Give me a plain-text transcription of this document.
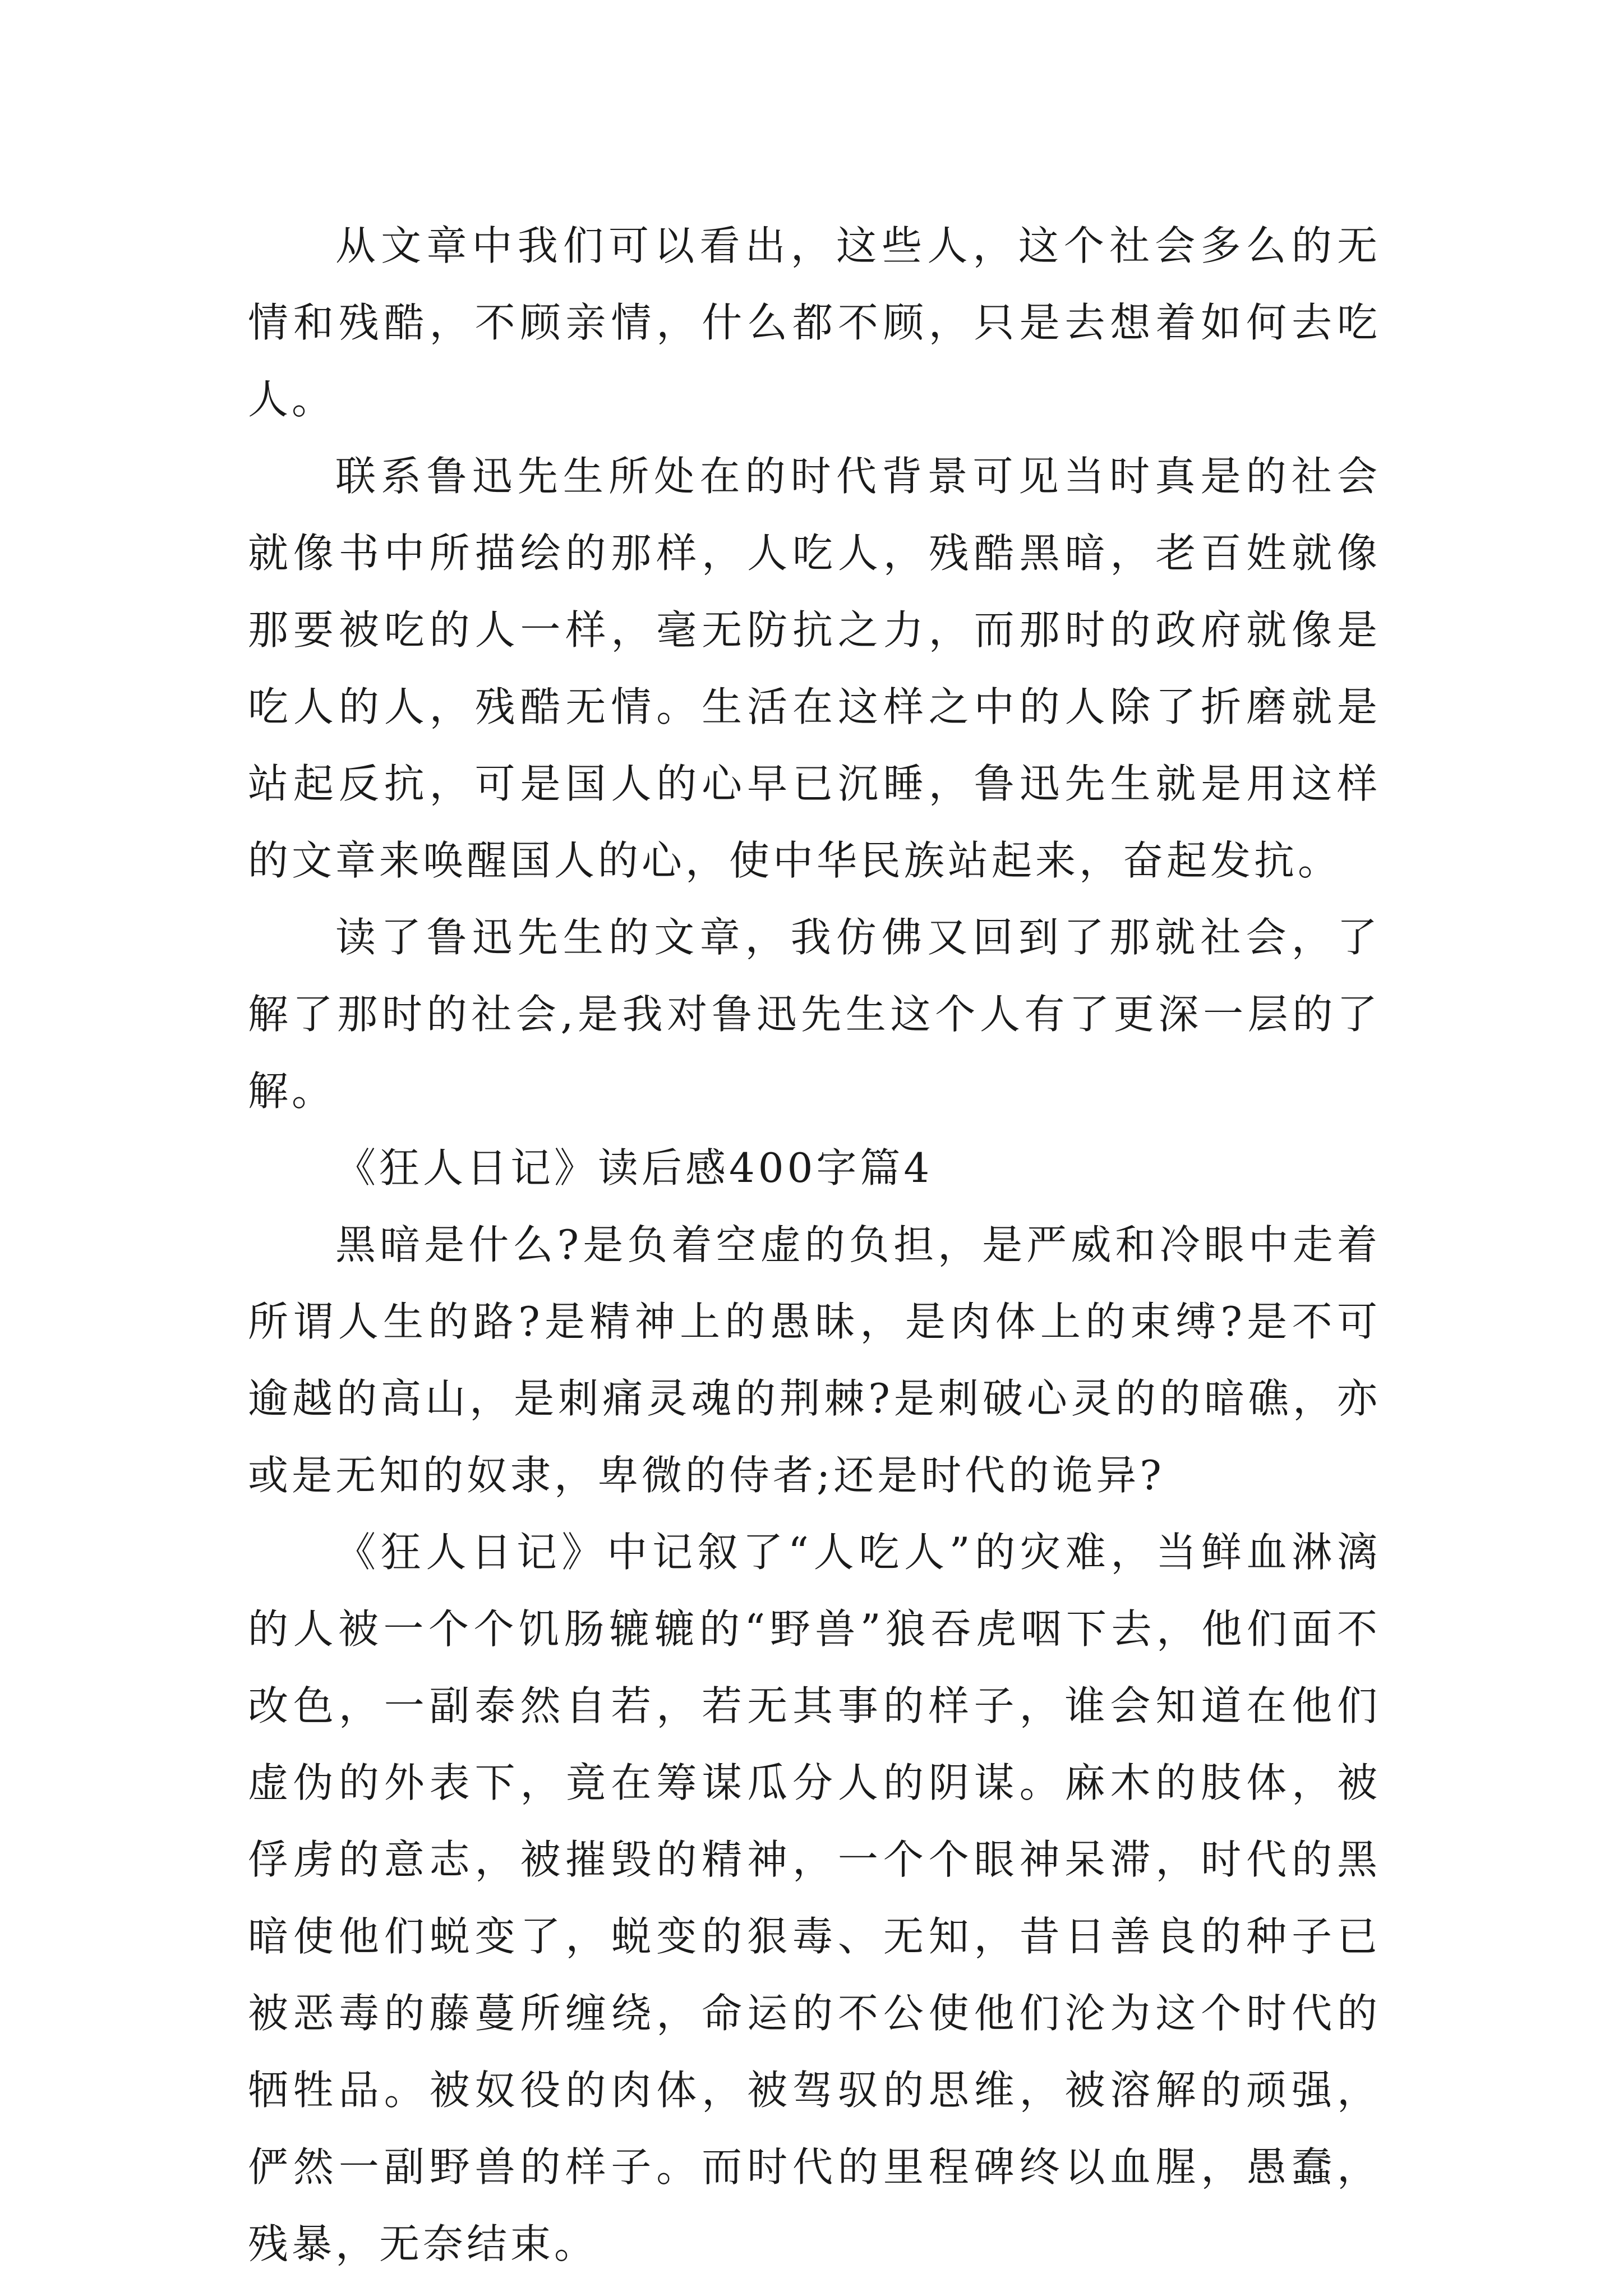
从文章中我们可以看出，这些人，这个社会多么的无情和残酷，不顾亲情，什么都不顾，只是去想着如何去吃人。

联系鲁迅先生所处在的时代背景可见当时真是的社会就像书中所描绘的那样，人吃人，残酷黑暗，老百姓就像那要被吃的人一样，毫无防抗之力，而那时的政府就像是吃人的人，残酷无情。生活在这样之中的人除了折磨就是站起反抗，可是国人的心早已沉睡，鲁迅先生就是用这样的文章来唤醒国人的心，使中华民族站起来，奋起发抗。

读了鲁迅先生的文章，我仿佛又回到了那就社会，了解了那时的社会,是我对鲁迅先生这个人有了更深一层的了解。

《狂人日记》读后感400字篇4

黑暗是什么?是负着空虚的负担，是严威和冷眼中走着所谓人生的路?是精神上的愚昧，是肉体上的束缚?是不可逾越的高山，是刺痛灵魂的荆棘?是刺破心灵的的暗礁，亦或是无知的奴隶，卑微的侍者;还是时代的诡异?

《狂人日记》中记叙了“人吃人”的灾难，当鲜血淋漓的人被一个个饥肠辘辘的“野兽”狼吞虎咽下去，他们面不改色，一副泰然自若，若无其事的样子，谁会知道在他们虚伪的外表下，竟在筹谋瓜分人的阴谋。麻木的肢体，被俘虏的意志，被摧毁的精神，一个个眼神呆滞，时代的黑暗使他们蜕变了，蜕变的狠毒、无知，昔日善良的种子已被恶毒的藤蔓所缠绕，命运的不公使他们沦为这个时代的牺牲品。被奴役的肉体，被驾驭的思维，被溶解的顽强，俨然一副野兽的样子。而时代的里程碑终以血腥，愚蠢，残暴，无奈结束。
